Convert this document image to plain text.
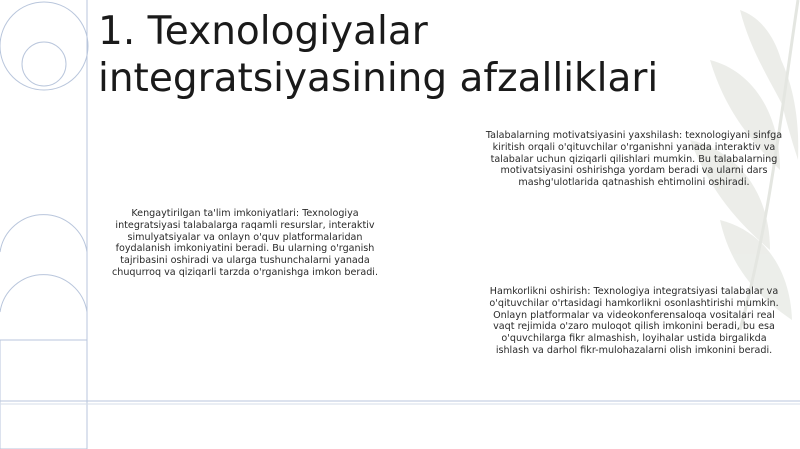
1. Texnologiyalar integratsiyasining afzalliklari

Talabalarning motivatsiyasini yaxshilash: texnologiyani sinfga kiritish orqali o'qituvchilar o'rganishni yanada interaktiv va talabalar uchun qiziqarli qilishlari mumkin. Bu talabalarning motivatsiyasini oshirishga yordam beradi va ularni dars mashg'ulotlarida qatnashish ehtimolini oshiradi.

Kengaytirilgan ta'lim imkoniyatlari: Texnologiya integratsiyasi talabalarga raqamli resurslar, interaktiv simulyatsiyalar va onlayn o'quv platformalaridan foydalanish imkoniyatini beradi. Bu ularning o'rganish tajribasini oshiradi va ularga tushunchalarni yanada chuqurroq va qiziqarli tarzda o'rganishga imkon beradi.

Hamkorlikni oshirish: Texnologiya integratsiyasi talabalar va o'qituvchilar o'rtasidagi hamkorlikni osonlashtirishi mumkin. Onlayn platformalar va videokonferensaloqa vositalari real vaqt rejimida o'zaro muloqot qilish imkonini beradi, bu esa o'quvchilarga fikr almashish, loyihalar ustida birgalikda ishlash va darhol fikr-mulohazalarni olish imkonini beradi.
